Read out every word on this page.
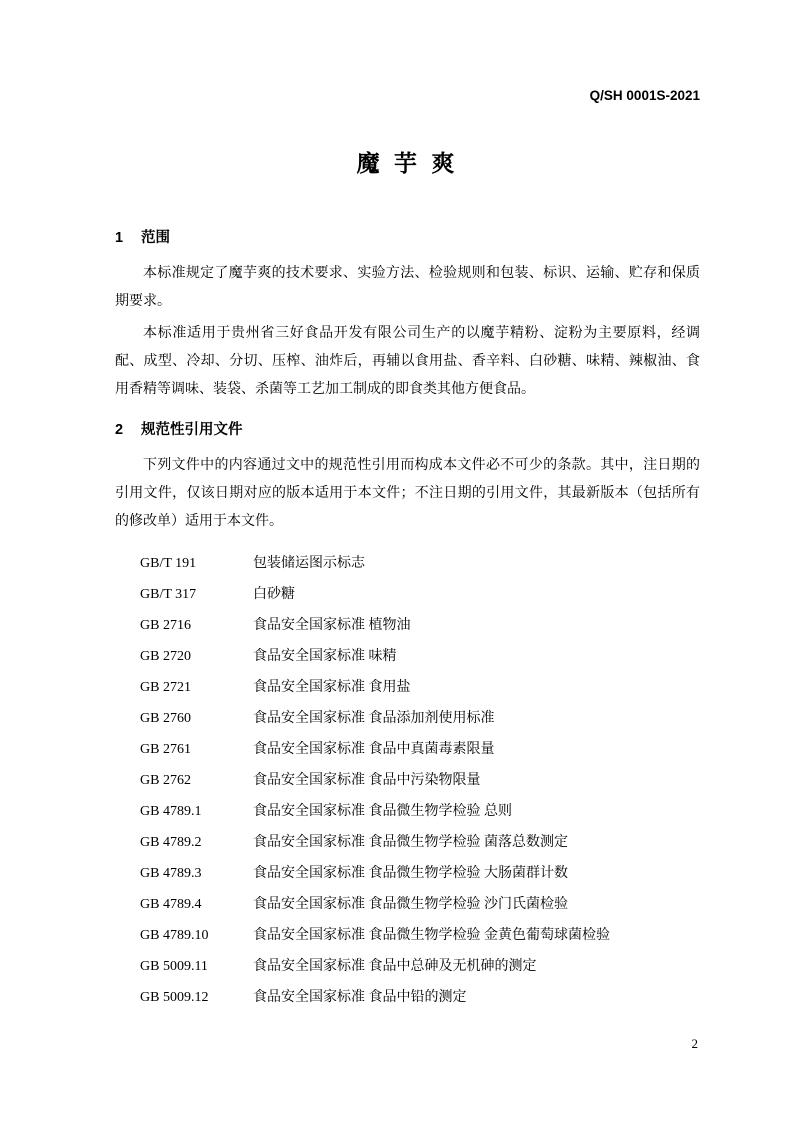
Q/SH 0001S-2021
魔 芋 爽
1	范围

本标准规定了魔芋爽的技术要求、实验方法、检验规则和包装、标识、运输、贮存和保质期要求。

本标准适用于贵州省三好食品开发有限公司生产的以魔芋精粉、淀粉为主要原料，经调配、成型、冷却、分切、压榨、油炸后，再辅以食用盐、香辛料、白砂糖、味精、辣椒油、食用香精等调味、装袋、杀菌等工艺加工制成的即食类其他方便食品。

2	规范性引用文件

下列文件中的内容通过文中的规范性引用而构成本文件必不可少的条款。其中，注日期的引用文件，仅该日期对应的版本适用于本文件；不注日期的引用文件，其最新版本（包括所有的修改单）适用于本文件。

GB/T 191	包装储运图示标志
GB/T 317	白砂糖
GB 2716	食品安全国家标准 植物油
GB 2720	食品安全国家标准 味精
GB 2721	食品安全国家标准 食用盐
GB 2760	食品安全国家标准 食品添加剂使用标准
GB 2761	食品安全国家标准 食品中真菌毒素限量
GB 2762	食品安全国家标准 食品中污染物限量
GB 4789.1	食品安全国家标准 食品微生物学检验 总则
GB 4789.2	食品安全国家标准 食品微生物学检验 菌落总数测定
GB 4789.3	食品安全国家标准 食品微生物学检验 大肠菌群计数
GB 4789.4	食品安全国家标准 食品微生物学检验 沙门氏菌检验
GB 4789.10	食品安全国家标准 食品微生物学检验 金黄色葡萄球菌检验
GB 5009.11	食品安全国家标准 食品中总砷及无机砷的测定
GB 5009.12	食品安全国家标准 食品中铅的测定
2
